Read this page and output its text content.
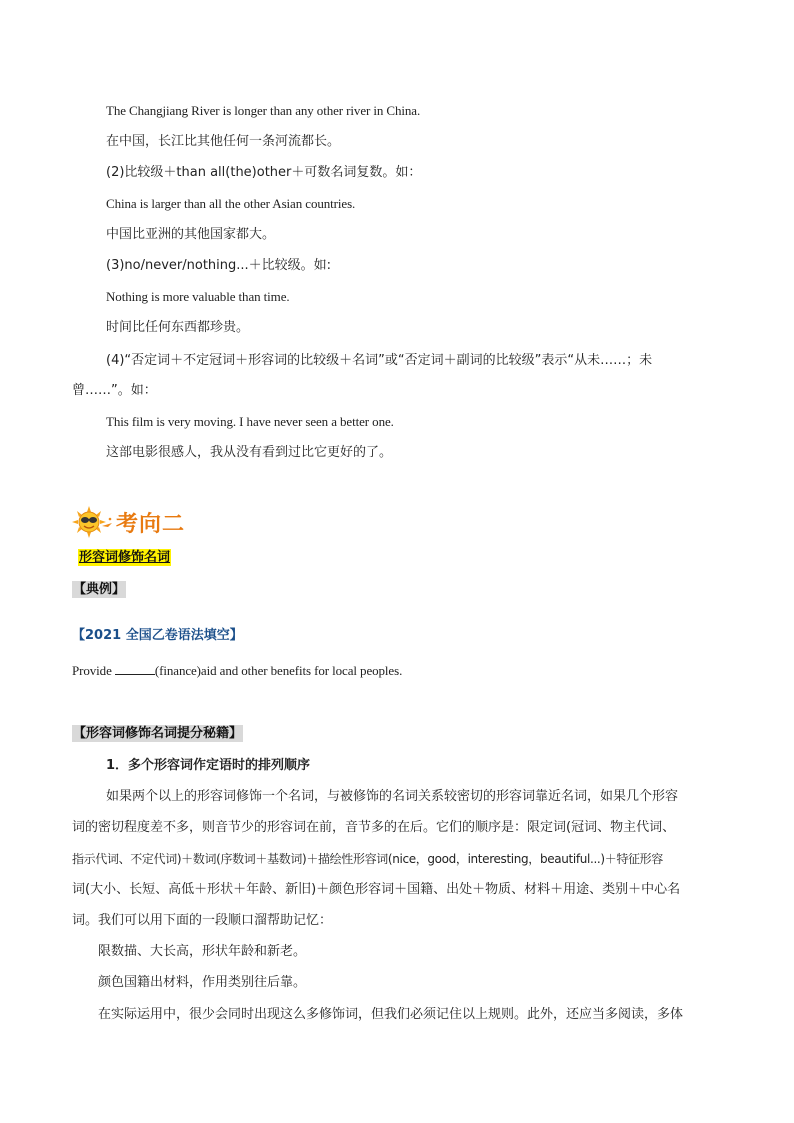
The Changjiang River is longer than any other river in China.
在中国，长江比其他任何一条河流都长。
(2)比较级＋than all(the)other＋可数名词复数。如：
China is larger than all the other Asian countries.
中国比亚洲的其他国家都大。
(3)no/never/nothing...＋比较级。如:
Nothing is more valuable than time.
时间比任何东西都珍贵。
(4)“否定词＋不定冠词＋形容词的比较级＋名词”或“否定词＋副词的比较级”表示“从未……；未
曾……”。如：
This film is very moving. I have never seen a better one.
这部电影很感人，我从没有看到过比它更好的了。
考向二
形容词修饰名词
【典例】
【2021 全国乙卷语法填空】
Provide	(finance)aid and other benefits for local peoples.
【形容词修饰名词提分秘籍】
1．多个形容词作定语时的排列顺序
如果两个以上的形容词修饰一个名词，与被修饰的名词关系较密切的形容词靠近名词，如果几个形容
词的密切程度差不多，则音节少的形容词在前，音节多的在后。它们的顺序是：限定词(冠词、物主代词、
指示代词、不定代词)＋数词(序数词＋基数词)＋描绘性形容词(nice，good，interesting，beautiful...)＋特征形容
词(大小、长短、高低＋形状＋年龄、新旧)＋颜色形容词＋国籍、出处＋物质、材料＋用途、类别＋中心名
词。我们可以用下面的一段顺口溜帮助记忆：
限数描、大长高，形状年龄和新老。
颜色国籍出材料，作用类别往后靠。
在实际运用中，很少会同时出现这么多修饰词，但我们必须记住以上规则。此外，还应当多阅读，多体
